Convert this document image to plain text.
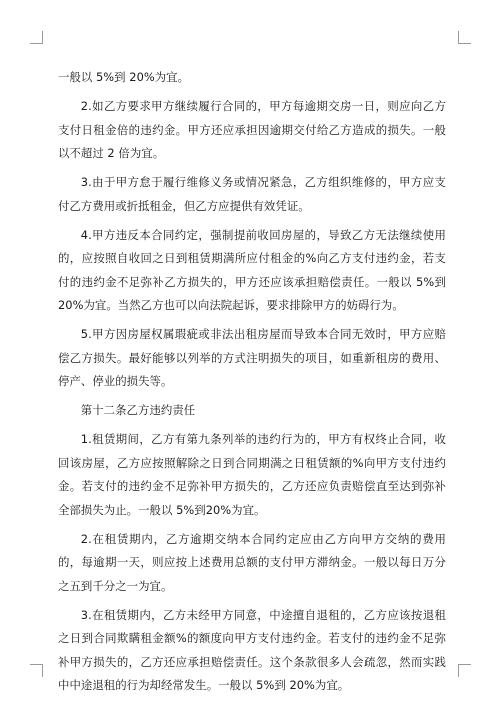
一般以 5%到 20%为宜。

2.如乙方要求甲方继续履行合同的，甲方每逾期交房一日，则应向乙方支付日租金倍的违约金。甲方还应承担因逾期交付给乙方造成的损失。一般以不超过 2 倍为宜。

3.由于甲方怠于履行维修义务或情况紧急，乙方组织维修的，甲方应支付乙方费用或折抵租金，但乙方应提供有效凭证。

4.甲方违反本合同约定，强制提前收回房屋的，导致乙方无法继续使用的，应按照自收回之日到租赁期满所应付租金的%向乙方支付违约金，若支付的违约金不足弥补乙方损失的，甲方还应该承担赔偿责任。一般以 5%到 20%为宜。当然乙方也可以向法院起诉，要求排除甲方的妨碍行为。

5.甲方因房屋权属瑕疵或非法出租房屋而导致本合同无效时，甲方应赔偿乙方损失。最好能够以列举的方式注明损失的项目，如重新租房的费用、停产、停业的损失等。

第十二条乙方违约责任

1.租赁期间，乙方有第九条列举的违约行为的，甲方有权终止合同，收回该房屋，乙方应按照解除之日到合同期满之日租赁额的%向甲方支付违约金。若支付的违约金不足弥补甲方损失的，乙方还应负责赔偿直至达到弥补全部损失为止。一般以 5%到20%为宜。

2.在租赁期内，乙方逾期交纳本合同约定应由乙方向甲方交纳的费用的，每逾期一天，则应按上述费用总额的支付甲方滞纳金。一般以每日万分之五到千分之一为宜。

3.在租赁期内，乙方未经甲方同意，中途擅自退租的，乙方应该按退租之日到合同欺瞒租金额%的额度向甲方支付违约金。若支付的违约金不足弥补甲方损失的，乙方还应承担赔偿责任。这个条款很多人会疏忽，然而实践中中途退租的行为却经常发生。一般以 5%到 20%为宜。
